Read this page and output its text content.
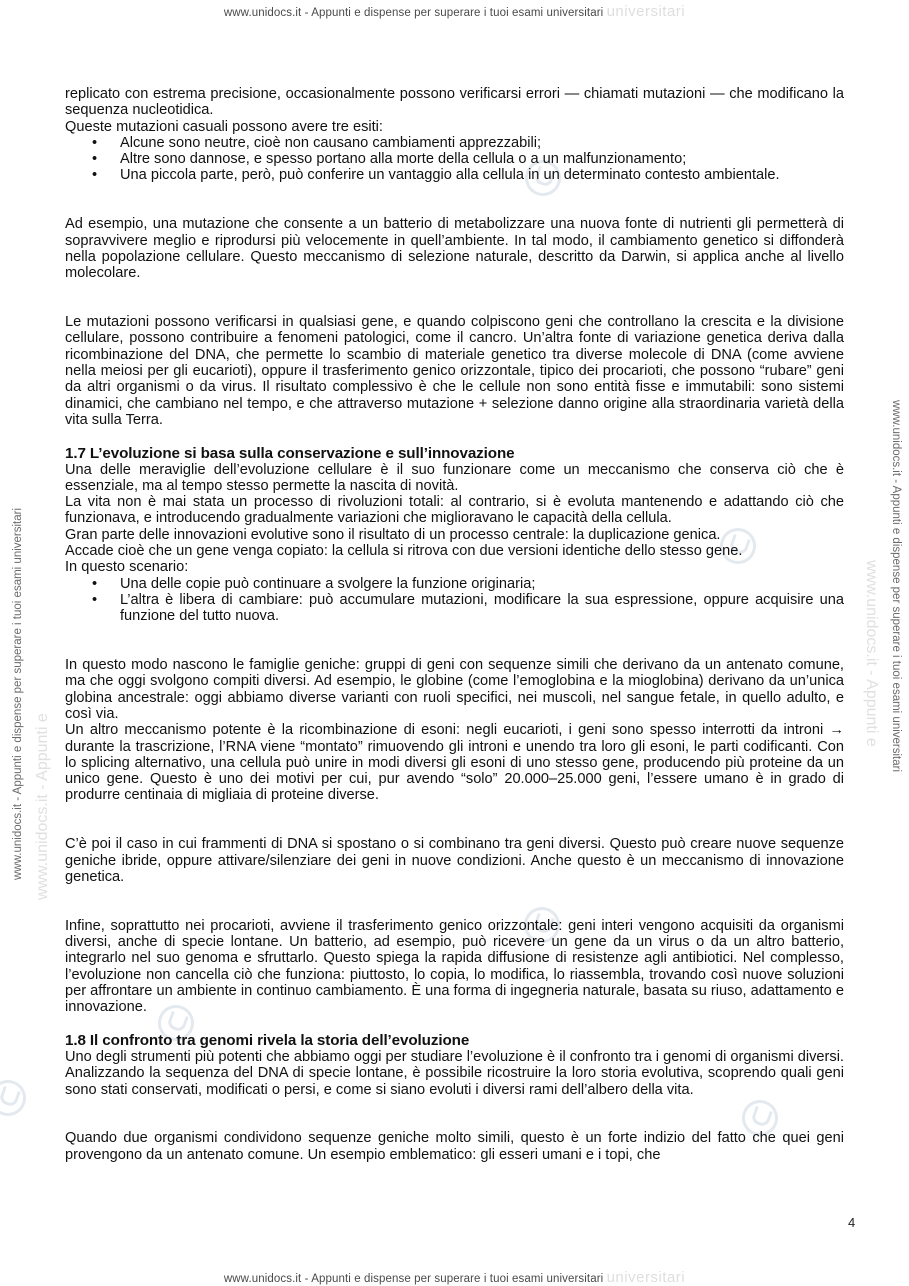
www.unidocs.it - Appunti e dispense per superare i tuoi esami universitari universitari
www.unidocs.it - Appunti e dispense per superare i tuoi esami universitari	www.unidocs.it - Appunti e dispense per superare i tuoi esami universitari
www.unidocs.it - Appunti e
www.unidocs.it - Appunti e

replicato con estrema precisione, occasionalmente possono verificarsi errori — chiamati mutazioni — che modificano la sequenza nucleotidica.

Queste mutazioni casuali possono avere tre esiti:

• Alcune sono neutre, cioè non causano cambiamenti apprezzabili;
• Altre sono dannose, e spesso portano alla morte della cellula o a un malfunzionamento;
• Una piccola parte, però, può conferire un vantaggio alla cellula in un determinato contesto ambientale.

Ad esempio, una mutazione che consente a un batterio di metabolizzare una nuova fonte di nutrienti gli permetterà di sopravvivere meglio e riprodursi più velocemente in quell’ambiente. In tal modo, il cambiamento genetico si diffonderà nella popolazione cellulare. Questo meccanismo di selezione naturale, descritto da Darwin, si applica anche al livello molecolare.

Le mutazioni possono verificarsi in qualsiasi gene, e quando colpiscono geni che controllano la crescita e la divisione cellulare, possono contribuire a fenomeni patologici, come il cancro. Un’altra fonte di variazione genetica deriva dalla ricombinazione del DNA, che permette lo scambio di materiale genetico tra diverse molecole di DNA (come avviene nella meiosi per gli eucarioti), oppure il trasferimento genico orizzontale, tipico dei procarioti, che possono “rubare” geni da altri organismi o da virus. Il risultato complessivo è che le cellule non sono entità fisse e immutabili: sono sistemi dinamici, che cambiano nel tempo, e che attraverso mutazione + selezione danno origine alla straordinaria varietà della vita sulla Terra.

1.7 L’evoluzione si basa sulla conservazione e sull’innovazione

Una delle meraviglie dell’evoluzione cellulare è il suo funzionare come un meccanismo che conserva ciò che è essenziale, ma al tempo stesso permette la nascita di novità.

La vita non è mai stata un processo di rivoluzioni totali: al contrario, si è evoluta mantenendo e adattando ciò che funzionava, e introducendo gradualmente variazioni che miglioravano le capacità della cellula.

Gran parte delle innovazioni evolutive sono il risultato di un processo centrale: la duplicazione genica.

Accade cioè che un gene venga copiato: la cellula si ritrova con due versioni identiche dello stesso gene.

In questo scenario:

• Una delle copie può continuare a svolgere la funzione originaria;
• L’altra è libera di cambiare: può accumulare mutazioni, modificare la sua espressione, oppure acquisire una funzione del tutto nuova.

In questo modo nascono le famiglie geniche: gruppi di geni con sequenze simili che derivano da un antenato comune, ma che oggi svolgono compiti diversi. Ad esempio, le globine (come l’emoglobina e la mioglobina) derivano da un’unica globina ancestrale: oggi abbiamo diverse varianti con ruoli specifici, nei muscoli, nel sangue fetale, in quello adulto, e così via.

Un altro meccanismo potente è la ricombinazione di esoni: negli eucarioti, i geni sono spesso interrotti da introni → durante la trascrizione, l’RNA viene “montato” rimuovendo gli introni e unendo tra loro gli esoni, le parti codificanti. Con lo splicing alternativo, una cellula può unire in modi diversi gli esoni di uno stesso gene, producendo più proteine da un unico gene. Questo è uno dei motivi per cui, pur avendo “solo” 20.000–25.000 geni, l’essere umano è in grado di produrre centinaia di migliaia di proteine diverse.

C’è poi il caso in cui frammenti di DNA si spostano o si combinano tra geni diversi. Questo può creare nuove sequenze geniche ibride, oppure attivare/silenziare dei geni in nuove condizioni. Anche questo è un meccanismo di innovazione genetica.

Infine, soprattutto nei procarioti, avviene il trasferimento genico orizzontale: geni interi vengono acquisiti da organismi diversi, anche di specie lontane. Un batterio, ad esempio, può ricevere un gene da un virus o da un altro batterio, integrarlo nel suo genoma e sfruttarlo. Questo spiega la rapida diffusione di resistenze agli antibiotici. Nel complesso, l’evoluzione non cancella ciò che funziona: piuttosto, lo copia, lo modifica, lo riassembla, trovando così nuove soluzioni per affrontare un ambiente in continuo cambiamento. È una forma di ingegneria naturale, basata su riuso, adattamento e innovazione.

1.8 Il confronto tra genomi rivela la storia dell’evoluzione

Uno degli strumenti più potenti che abbiamo oggi per studiare l’evoluzione è il confronto tra i genomi di organismi diversi. Analizzando la sequenza del DNA di specie lontane, è possibile ricostruire la loro storia evolutiva, scoprendo quali geni sono stati conservati, modificati o persi, e come si siano evoluti i diversi rami dell’albero della vita.

Quando due organismi condividono sequenze geniche molto simili, questo è un forte indizio del fatto che quei geni provengono da un antenato comune. Un esempio emblematico: gli esseri umani e i topi, che

4
www.unidocs.it - Appunti e dispense per superare i tuoi esami universitari universitari
